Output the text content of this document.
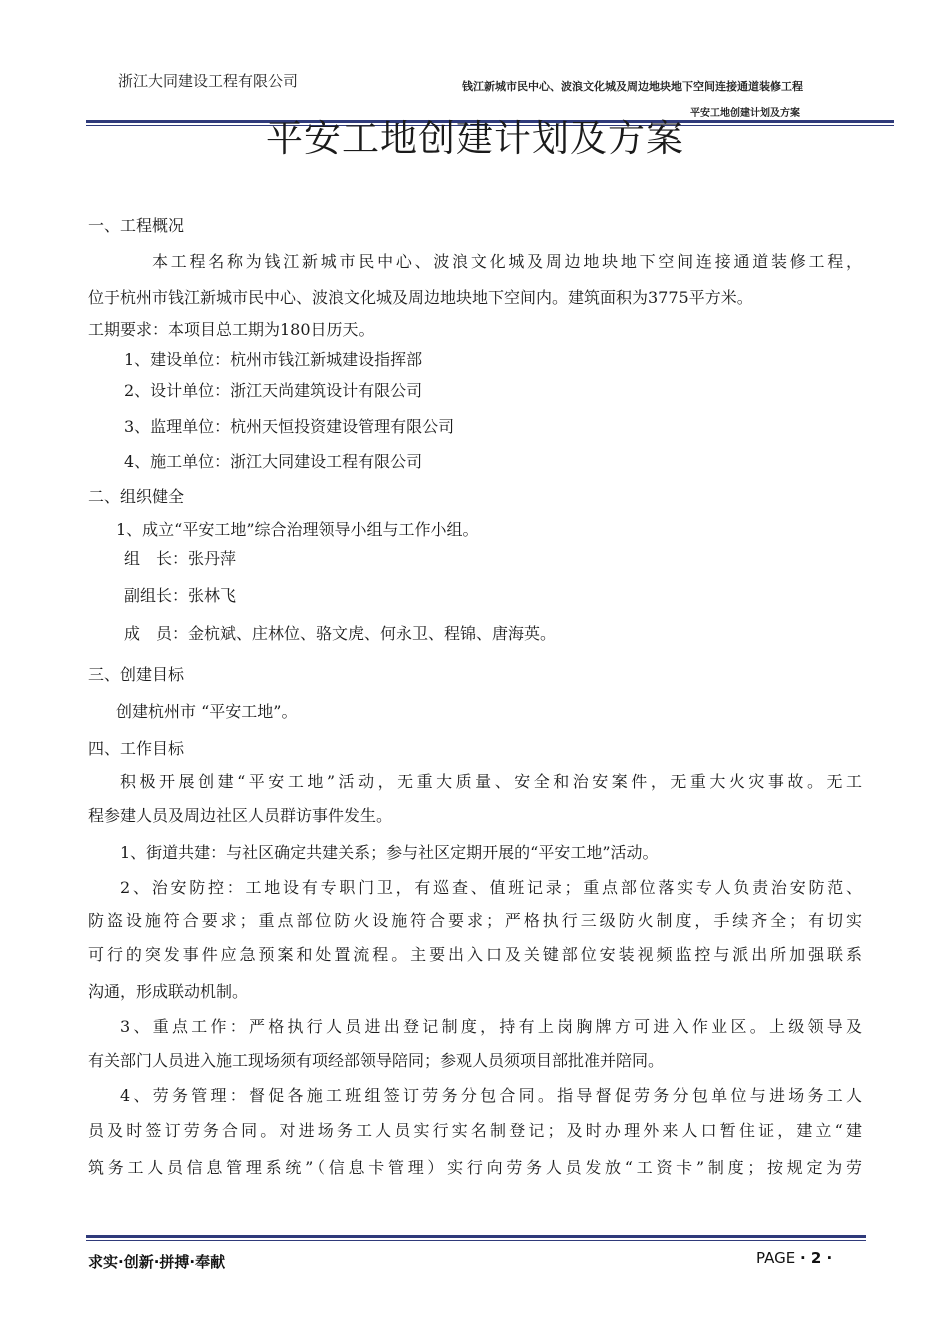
浙江大同建设工程有限公司	钱江新城市民中心、波浪文化城及周边地块地下空间连接通道装修工程
平安工地创建计划及方案
平安工地创建计划及方案
一、工程概况
本工程名称为钱江新城市民中心、波浪文化城及周边地块地下空间连接通道装修工程，
位于杭州市钱江新城市民中心、波浪文化城及周边地块地下空间内。建筑面积为3775平方米。
工期要求：本项目总工期为180日历天。
1、建设单位：杭州市钱江新城建设指挥部
2、设计单位：浙江天尚建筑设计有限公司
3、监理单位：杭州天恒投资建设管理有限公司
4、施工单位：浙江大同建设工程有限公司
二、组织健全
1、成立“平安工地”综合治理领导小组与工作小组。
组　长：张丹萍
副组长：张林飞
成　员：金杭斌、庄林位、骆文虎、何永卫、程锦、唐海英。
三、创建目标
创建杭州市 “平安工地”。
四、工作目标
积极开展创建“平安工地”活动，无重大质量、安全和治安案件，无重大火灾事故。无工
程参建人员及周边社区人员群访事件发生。
1、街道共建：与社区确定共建关系；参与社区定期开展的“平安工地”活动。
2、治安防控：工地设有专职门卫，有巡查、值班记录；重点部位落实专人负责治安防范、
防盗设施符合要求；重点部位防火设施符合要求；严格执行三级防火制度，手续齐全；有切实
可行的突发事件应急预案和处置流程。主要出入口及关键部位安装视频监控与派出所加强联系
沟通，形成联动机制。
3、重点工作：严格执行人员进出登记制度，持有上岗胸牌方可进入作业区。上级领导及
有关部门人员进入施工现场须有项经部领导陪同；参观人员须项目部批准并陪同。
4、劳务管理：督促各施工班组签订劳务分包合同。指导督促劳务分包单位与进场务工人
员及时签订劳务合同。对进场务工人员实行实名制登记；及时办理外来人口暂住证，建立“建
筑务工人员信息管理系统”（信息卡管理）实行向劳务人员发放“工资卡”制度；按规定为劳
求实·创新·拼搏·奉献	PAGE · 2 ·
